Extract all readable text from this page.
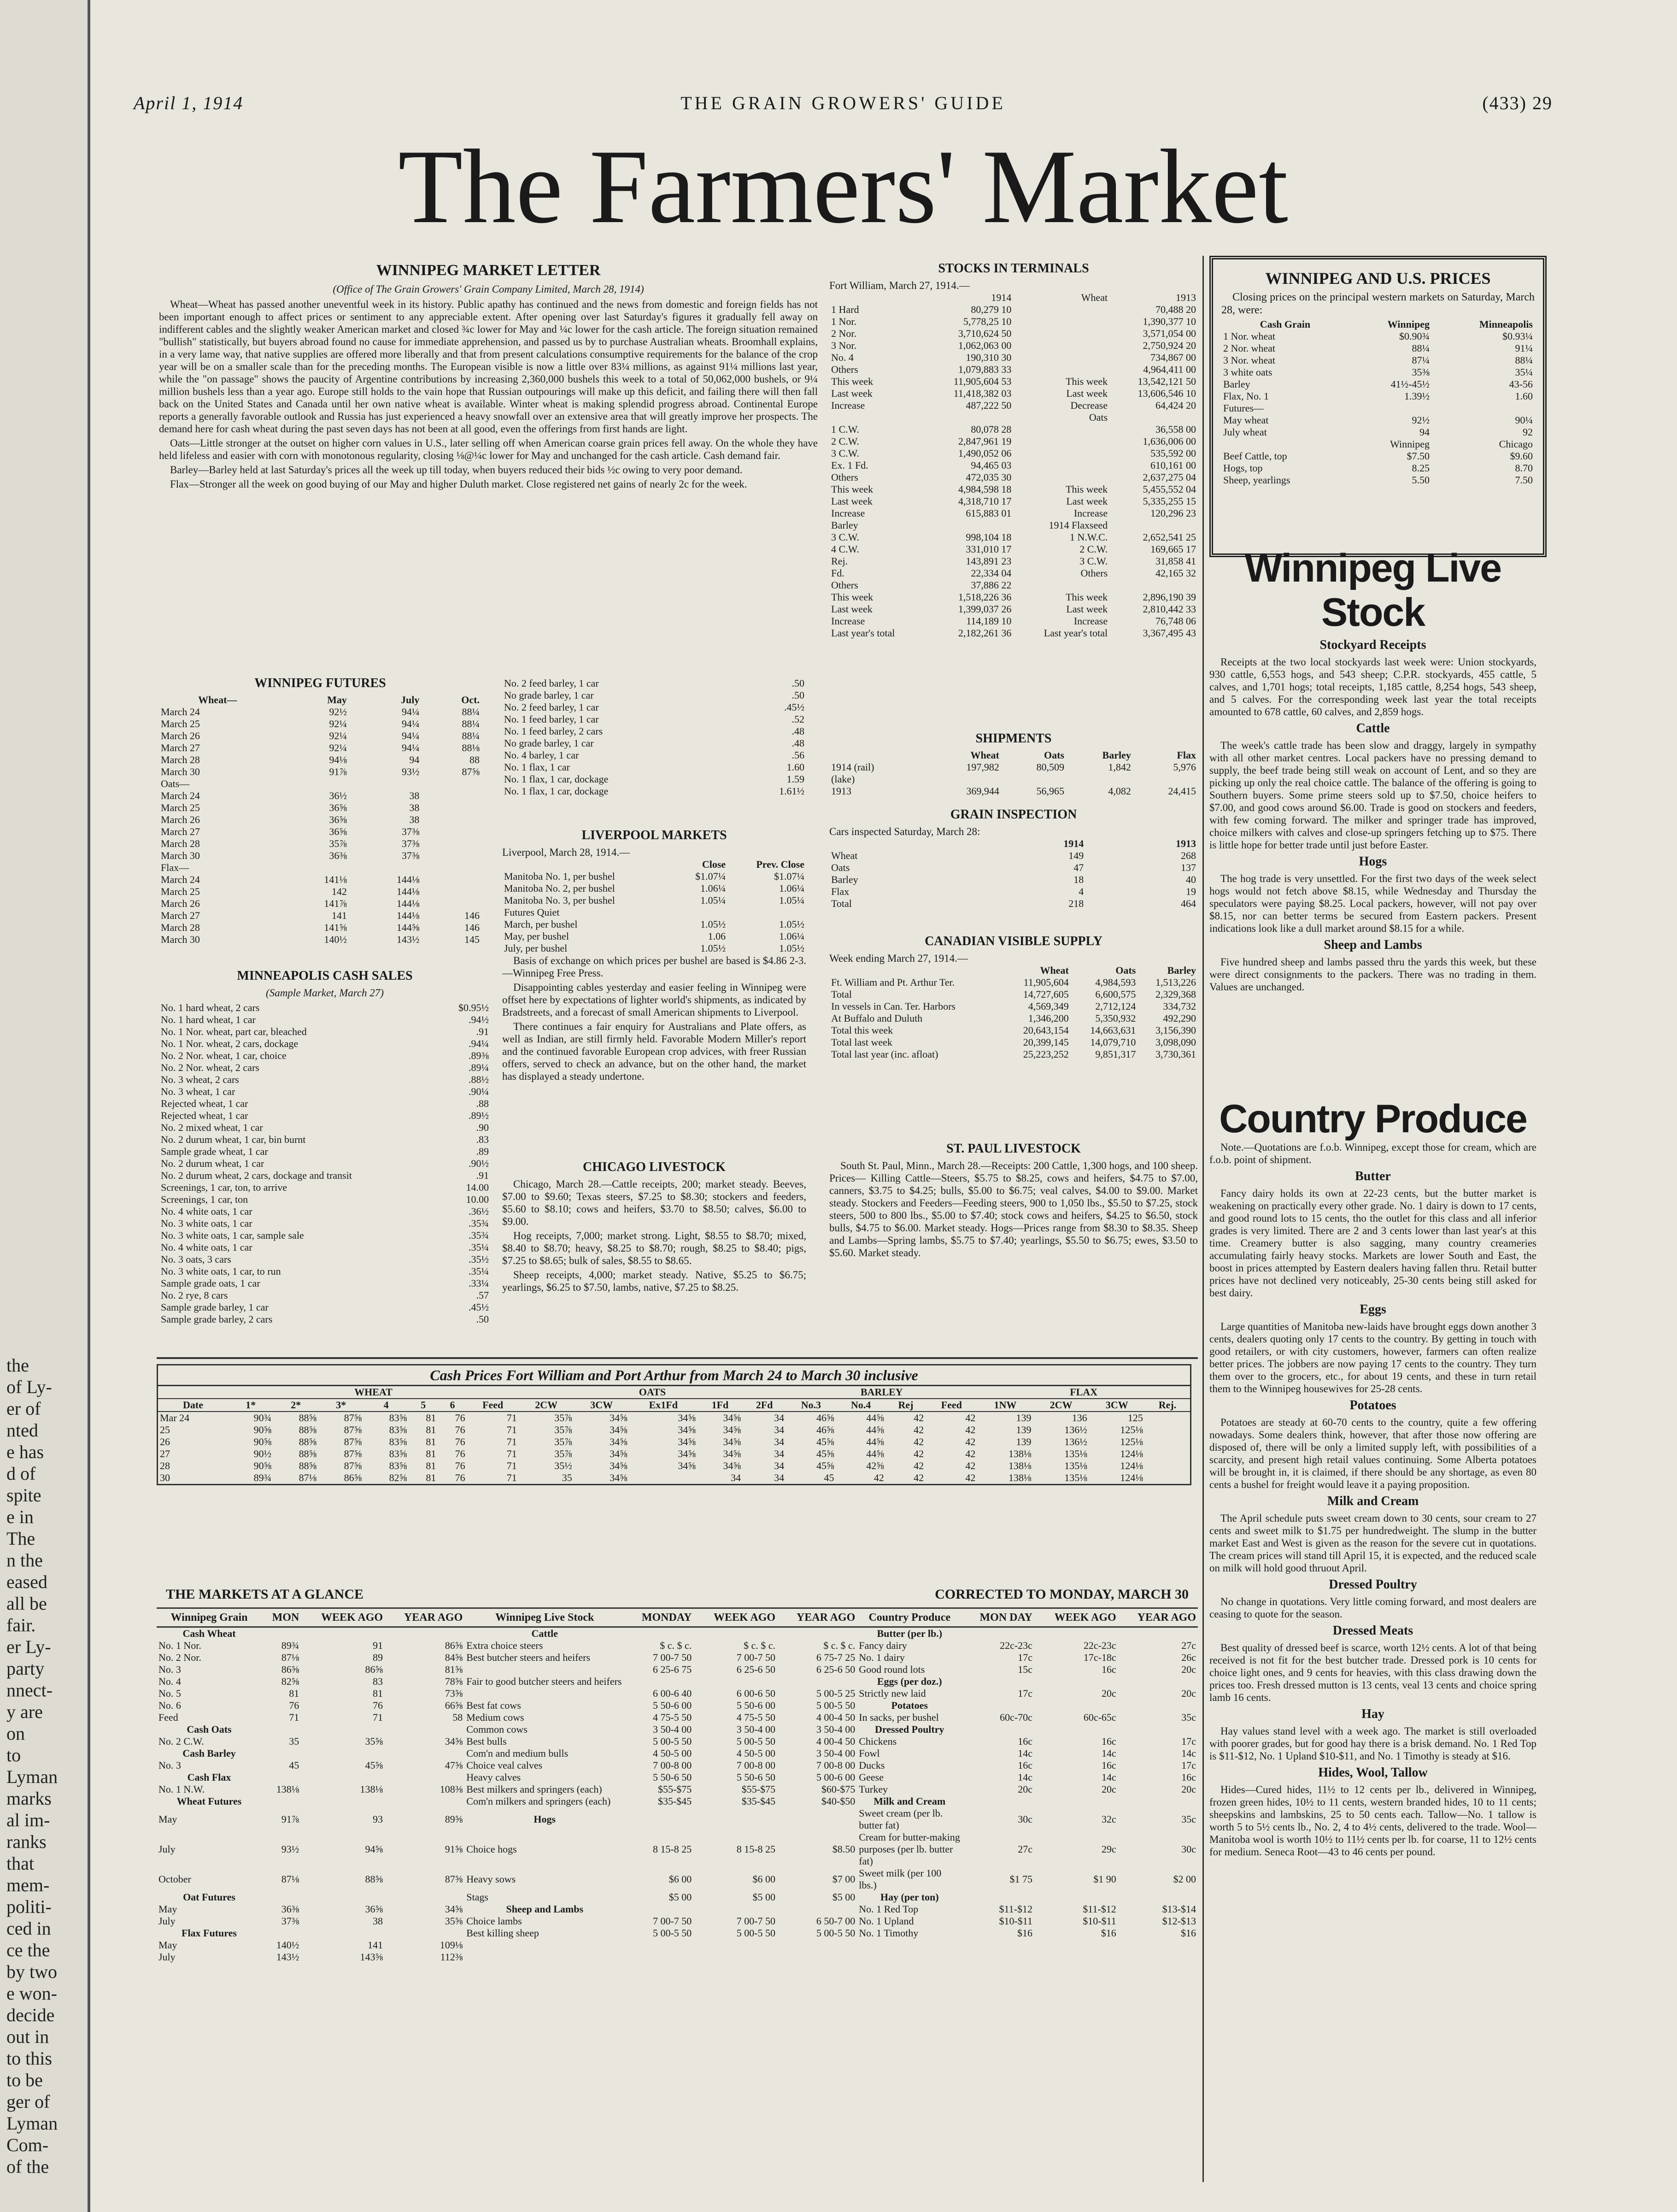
the
of Ly-
er of
nted
e has
d of
spite
e in
The
n the
eased
all be
fair.
er Ly-
party
nnect-
y are
on
to
Lyman
marks
al im-
ranks
that
mem-
politi-
ced in
ce the
by two
e won-
decide
out in
to this
to be
ger of
Lyman
Com-
of the
April 1, 1914	THE GRAIN GROWERS' GUIDE	(433) 29
The Farmers' Market
WINNIPEG MARKET LETTER
(Office of The Grain Growers' Grain Company Limited, March 28, 1914)

Wheat—Wheat has passed another uneventful week in its history. Public apathy has continued and the news from domestic and foreign fields has not been important enough to affect prices or sentiment to any appreciable extent. After opening over last Saturday's figures it gradually fell away on indifferent cables and the slightly weaker American market and closed ¾c lower for May and ¼c lower for the cash article. The foreign situation remained "bullish" statistically, but buyers abroad found no cause for immediate apprehension, and passed us by to purchase Australian wheats. Broomhall explains, in a very lame way, that native supplies are offered more liberally and that from present calculations consumptive requirements for the balance of the crop year will be on a smaller scale than for the preceding months. The European visible is now a little over 83¼ millions, as against 91¼ millions last year, while the "on passage" shows the paucity of Argentine contributions by increasing 2,360,000 bushels this week to a total of 50,062,000 bushels, or 9¼ million bushels less than a year ago. Europe still holds to the vain hope that Russian outpourings will make up this deficit, and failing there will then fall back on the United States and Canada until her own native wheat is available. Winter wheat is making splendid progress abroad. Continental Europe reports a generally favorable outlook and Russia has just experienced a heavy snowfall over an extensive area that will greatly improve her prospects. The demand here for cash wheat during the past seven days has not been at all good, even the offerings from first hands are light.

Oats—Little stronger at the outset on higher corn values in U.S., later selling off when American coarse grain prices fell away. On the whole they have held lifeless and easier with corn with monotonous regularity, closing ⅛@¼c lower for May and unchanged for the cash article. Cash demand fair.

Barley—Barley held at last Saturday's prices all the week up till today, when buyers reduced their bids ½c owing to very poor demand.

Flax—Stronger all the week on good buying of our May and higher Duluth market. Close registered net gains of nearly 2c for the week.

WINNIPEG FUTURES
Wheat—	May	July	Oct.
March 24	92½	94¼	88¼
March 25	92¼	94¼	88¼
March 26	92¼	94¼	88¼
March 27	92¼	94¼	88⅛
March 28	94⅛	94	88
March 30	91⅞	93½	87⅝
Oats—			
March 24	36½	38	
March 25	36⅝	38	
March 26	36⅝	38	
March 27	36⅝	37⅜	
March 28	35⅞	37⅜	
March 30	36⅜	37⅜	
Flax—			
March 24	141⅛	144⅛	
March 25	142	144⅛	
March 26	141⅞	144⅛	
March 27	141	144⅛	146
March 28	141⅝	144⅝	146
March 30	140½	143½	145
No. 2 feed barley, 1 car	.50
No grade barley, 1 car	.50
No. 2 feed barley, 1 car	.45½
No. 1 feed barley, 1 car	.52
No. 1 feed barley, 2 cars	.48
No grade barley, 1 car	.48
No. 4 barley, 1 car	.56
No. 1 flax, 1 car	1.60
No. 1 flax, 1 car, dockage	1.59
No. 1 flax, 1 car, dockage	1.61½
MINNEAPOLIS CASH SALES
(Sample Market, March 27)
No. 1 hard wheat, 2 cars	$0.95½
No. 1 hard wheat, 1 car	.94½
No. 1 Nor. wheat, part car, bleached	.91
No. 1 Nor. wheat, 2 cars, dockage	.94¼
No. 2 Nor. wheat, 1 car, choice	.89⅜
No. 2 Nor. wheat, 2 cars	.89¼
No. 3 wheat, 2 cars	.88½
No. 3 wheat, 1 car	.90¼
Rejected wheat, 1 car	.88
Rejected wheat, 1 car	.89½
No. 2 mixed wheat, 1 car	.90
No. 2 durum wheat, 1 car, bin burnt	.83
Sample grade wheat, 1 car	.89
No. 2 durum wheat, 1 car	.90½
No. 2 durum wheat, 2 cars, dockage and transit	.91
Screenings, 1 car, ton, to arrive	14.00
Screenings, 1 car, ton	10.00
No. 4 white oats, 1 car	.36½
No. 3 white oats, 1 car	.35¾
No. 3 white oats, 1 car, sample sale	.35¾
No. 4 white oats, 1 car	.35¼
No. 3 oats, 3 cars	.35½
No. 3 white oats, 1 car, to run	.35¼
Sample grade oats, 1 car	.33¼
No. 2 rye, 8 cars	.57
Sample grade barley, 1 car	.45½
Sample grade barley, 2 cars	.50
LIVERPOOL MARKETS
Liverpool, March 28, 1914.—
	Close	Prev. Close
Manitoba No. 1, per bushel	$1.07¼	$1.07¼
Manitoba No. 2, per bushel	1.06¼	1.06¼
Manitoba No. 3, per bushel	1.05¼	1.05¼
Futures Quiet		
March, per bushel	1.05½	1.05½
May, per bushel	1.06	1.06¼
July, per bushel	1.05½	1.05½

Basis of exchange on which prices per bushel are based is $4.86 2-3.—Winnipeg Free Press.

Disappointing cables yesterday and easier feeling in Winnipeg were offset here by expectations of lighter world's shipments, as indicated by Bradstreets, and a forecast of small American shipments to Liverpool.

There continues a fair enquiry for Australians and Plate offers, as well as Indian, are still firmly held. Favorable Modern Miller's report and the continued favorable European crop advices, with freer Russian offers, served to check an advance, but on the other hand, the market has displayed a steady undertone.

CHICAGO LIVESTOCK

Chicago, March 28.—Cattle receipts, 200; market steady. Beeves, $7.00 to $9.60; Texas steers, $7.25 to $8.30; stockers and feeders, $5.60 to $8.10; cows and heifers, $3.70 to $8.50; calves, $6.00 to $9.00.

Hog receipts, 7,000; market strong. Light, $8.55 to $8.70; mixed, $8.40 to $8.70; heavy, $8.25 to $8.70; rough, $8.25 to $8.40; pigs, $7.25 to $8.65; bulk of sales, $8.55 to $8.65.

Sheep receipts, 4,000; market steady. Native, $5.25 to $6.75; yearlings, $6.25 to $7.50, lambs, native, $7.25 to $8.25.

STOCKS IN TERMINALS
Fort William, March 27, 1914.—
	1914	Wheat	1913
1 Hard	80,279 10		70,488 20
1 Nor.	5,778,25 10		1,390,377 10
2 Nor.	3,710,624 50		3,571,054 00
3 Nor.	1,062,063 00		2,750,924 20
No. 4	190,310 30		734,867 00
Others	1,079,883 33		4,964,411 00
This week	11,905,604 53	This week	13,542,121 50
Last week	11,418,382 03	Last week	13,606,546 10
Increase	487,222 50	Decrease	64,424 20
		Oats	
1 C.W.	80,078 28		36,558 00
2 C.W.	2,847,961 19		1,636,006 00
3 C.W.	1,490,052 06		535,592 00
Ex. 1 Fd.	94,465 03		610,161 00
Others	472,035 30		2,637,275 04
This week	4,984,598 18	This week	5,455,552 04
Last week	4,318,710 17	Last week	5,335,255 15
Increase	615,883 01	Increase	120,296 23
Barley		1914 Flaxseed	
3 C.W.	998,104 18	1 N.W.C.	2,652,541 25
4 C.W.	331,010 17	2 C.W.	169,665 17
Rej.	143,891 23	3 C.W.	31,858 41
Fd.	22,334 04	Others	42,165 32
Others	37,886 22		
This week	1,518,226 36	This week	2,896,190 39
Last week	1,399,037 26	Last week	2,810,442 33
Increase	114,189 10	Increase	76,748 06
Last year's total	2,182,261 36	Last year's total	3,367,495 43
SHIPMENTS
	Wheat	Oats	Barley	Flax
1914 (rail)	197,982	80,509	1,842	5,976
(lake)				
1913	369,944	56,965	4,082	24,415
GRAIN INSPECTION
Cars inspected Saturday, March 28:
	1914	1913
Wheat	149	268
Oats	47	137
Barley	18	40
Flax	4	19
Total	218	464
CANADIAN VISIBLE SUPPLY
Week ending March 27, 1914.—
	Wheat	Oats	Barley
Ft. William and Pt. Arthur Ter.	11,905,604	4,984,593	1,513,226
Total	14,727,605	6,600,575	2,329,368
In vessels in Can. Ter. Harbors	4,569,349	2,712,124	334,732
At Buffalo and Duluth	1,346,200	5,350,932	492,290
Total this week	20,643,154	14,663,631	3,156,390
Total last week	20,399,145	14,079,710	3,098,090
Total last year (inc. afloat)	25,223,252	9,851,317	3,730,361
ST. PAUL LIVESTOCK

South St. Paul, Minn., March 28.—Receipts: 200 Cattle, 1,300 hogs, and 100 sheep. Prices— Killing Cattle—Steers, $5.75 to $8.25, cows and heifers, $4.75 to $7.00, canners, $3.75 to $4.25; bulls, $5.00 to $6.75; veal calves, $4.00 to $9.00. Market steady. Stockers and Feeders—Feeding steers, 900 to 1,050 lbs., $5.50 to $7.25, stock steers, 500 to 800 lbs., $5.00 to $7.40; stock cows and heifers, $4.25 to $6.50, stock bulls, $4.75 to $6.00. Market steady. Hogs—Prices range from $8.30 to $8.35. Sheep and Lambs—Spring lambs, $5.75 to $7.40; yearlings, $5.50 to $6.75; ewes, $3.50 to $5.60. Market steady.

WINNIPEG AND U.S. PRICES

Closing prices on the principal western markets on Saturday, March 28, were:

Cash Grain	Winnipeg	Minneapolis
1 Nor. wheat	$0.90¾	$0.93¼
2 Nor. wheat	88¼	91¼
3 Nor. wheat	87¼	88¼
3 white oats	35⅜	35¼
Barley	41½-45½	43-56
Flax, No. 1	1.39½	1.60
Futures—		
May wheat	92½	90¼
July wheat	94	92
	Winnipeg	Chicago
Beef Cattle, top	$7.50	$9.60
Hogs, top	8.25	8.70
Sheep, yearlings	5.50	7.50
Winnipeg Live Stock
Stockyard Receipts

Receipts at the two local stockyards last week were: Union stockyards, 930 cattle, 6,553 hogs, and 543 sheep; C.P.R. stockyards, 455 cattle, 5 calves, and 1,701 hogs; total receipts, 1,185 cattle, 8,254 hogs, 543 sheep, and 5 calves. For the corresponding week last year the total receipts amounted to 678 cattle, 60 calves, and 2,859 hogs.

Cattle

The week's cattle trade has been slow and draggy, largely in sympathy with all other market centres. Local packers have no pressing demand to supply, the beef trade being still weak on account of Lent, and so they are picking up only the real choice cattle. The balance of the offering is going to Southern buyers. Some prime steers sold up to $7.50, choice heifers to $7.00, and good cows around $6.00. Trade is good on stockers and feeders, with few coming forward. The milker and springer trade has improved, choice milkers with calves and close-up springers fetching up to $75. There is little hope for better trade until just before Easter.

Hogs

The hog trade is very unsettled. For the first two days of the week select hogs would not fetch above $8.15, while Wednesday and Thursday the speculators were paying $8.25. Local packers, however, will not pay over $8.15, nor can better terms be secured from Eastern packers. Present indications look like a dull market around $8.15 for a while.

Sheep and Lambs

Five hundred sheep and lambs passed thru the yards this week, but these were direct consignments to the packers. There was no trading in them. Values are unchanged.

Country Produce

Note.—Quotations are f.o.b. Winnipeg, except those for cream, which are f.o.b. point of shipment.

Butter

Fancy dairy holds its own at 22-23 cents, but the butter market is weakening on practically every other grade. No. 1 dairy is down to 17 cents, and good round lots to 15 cents, tho the outlet for this class and all inferior grades is very limited. There are 2 and 3 cents lower than last year's at this time. Creamery butter is also sagging, many country creameries accumulating fairly heavy stocks. Markets are lower South and East, the boost in prices attempted by Eastern dealers having fallen thru. Retail butter prices have not declined very noticeably, 25-30 cents being still asked for best dairy.

Eggs

Large quantities of Manitoba new-laids have brought eggs down another 3 cents, dealers quoting only 17 cents to the country. By getting in touch with good retailers, or with city customers, however, farmers can often realize better prices. The jobbers are now paying 17 cents to the country. They turn them over to the grocers, etc., for about 19 cents, and these in turn retail them to the Winnipeg housewives for 25-28 cents.

Potatoes

Potatoes are steady at 60-70 cents to the country, quite a few offering nowadays. Some dealers think, however, that after those now offering are disposed of, there will be only a limited supply left, with possibilities of a scarcity, and present high retail values continuing. Some Alberta potatoes will be brought in, it is claimed, if there should be any shortage, as even 80 cents a bushel for freight would leave it a paying proposition.

Milk and Cream

The April schedule puts sweet cream down to 30 cents, sour cream to 27 cents and sweet milk to $1.75 per hundredweight. The slump in the butter market East and West is given as the reason for the severe cut in quotations. The cream prices will stand till April 15, it is expected, and the reduced scale on milk will hold good thruout April.

Dressed Poultry

No change in quotations. Very little coming forward, and most dealers are ceasing to quote for the season.

Dressed Meats

Best quality of dressed beef is scarce, worth 12½ cents. A lot of that being received is not fit for the best butcher trade. Dressed pork is 10 cents for choice light ones, and 9 cents for heavies, with this class drawing down the prices too. Fresh dressed mutton is 13 cents, veal 13 cents and choice spring lamb 16 cents.

Hay

Hay values stand level with a week ago. The market is still overloaded with poorer grades, but for good hay there is a brisk demand. No. 1 Red Top is $11-$12, No. 1 Upland $10-$11, and No. 1 Timothy is steady at $16.

Hides, Wool, Tallow

Hides—Cured hides, 11½ to 12 cents per lb., delivered in Winnipeg, frozen green hides, 10½ to 11 cents, western branded hides, 10 to 11 cents; sheepskins and lambskins, 25 to 50 cents each. Tallow—No. 1 tallow is worth 5 to 5½ cents lb., No. 2, 4 to 4½ cents, delivered to the trade. Wool—Manitoba wool is worth 10½ to 11½ cents per lb. for coarse, 11 to 12½ cents for medium. Seneca Root—43 to 46 cents per pound.

Cash Prices Fort William and Port Arthur from March 24 to March 30 inclusive
	WHEAT							OATS					BARLEY				FLAX			
Date	1*	2*	3*	4	5	6	Feed	2CW	3CW	Ex1Fd	1Fd	2Fd	No.3	No.4	Rej	Feed	1NW	2CW	3CW	Rej.
Mar 24	90¾	88⅝	87⅝	83⅝	81	76	71	35⅞	34⅝	34⅝	34⅝	34	46⅝	44⅝	42	42	139	136	125	
25	90⅝	88⅝	87⅝	83⅝	81	76	71	35⅞	34⅝	34⅝	34⅝	34	46⅝	44⅝	42	42	139	136½	125⅛	
26	90⅝	88⅝	87⅝	83⅝	81	76	71	35⅞	34⅝	34⅝	34⅝	34	45⅝	44⅝	42	42	139	136½	125⅛	
27	90½	88⅝	87⅝	83⅝	81	76	71	35⅞	34⅝	34⅝	34⅝	34	45⅝	44⅝	42	42	138⅛	135⅛	124⅛	
28	90⅝	88⅝	87⅝	83⅝	81	76	71	35½	34⅝	34⅝	34⅝	34	45⅝	42⅝	42	42	138⅛	135⅛	124⅛	
30	89¾	87⅛	86⅝	82⅝	81	76	71	35	34⅝		34	34	45	42	42	42	138⅛	135⅛	124⅛	
THE MARKETS AT A GLANCE	CORRECTED TO MONDAY, MARCH 30
Winnipeg Grain	MON	WEEK AGO	YEAR AGO	Winnipeg Live Stock	MONDAY	WEEK AGO	YEAR AGO	Country Produce	MON DAY	WEEK AGO	YEAR AGO
Cash Wheat				Cattle				Butter (per lb.)			
No. 1 Nor.	89¾	91	86⅝	Extra choice steers	$ c. $ c.	$ c. $ c.	$ c. $ c.	Fancy dairy	22c-23c	22c-23c	27c
No. 2 Nor.	87⅛	89	84⅝	Best butcher steers and heifers	7 00-7 50	7 00-7 50	6 75-7 25	No. 1 dairy	17c	17c-18c	26c
No. 3	86⅝	86⅝	81⅝		6 25-6 75	6 25-6 50	6 25-6 50	Good round lots	15c	16c	20c
No. 4	82⅝	83	78⅝	Fair to good butcher steers and heifers				Eggs (per doz.)			
No. 5	81	81	73⅝		6 00-6 40	6 00-6 50	5 00-5 25	Strictly new laid	17c	20c	20c
No. 6	76	76	66⅝	Best fat cows	5 50-6 00	5 50-6 00	5 00-5 50	Potatoes			
Feed	71	71	58	Medium cows	4 75-5 50	4 75-5 50	4 00-4 50	In sacks, per bushel	60c-70c	60c-65c	35c
Cash Oats				Common cows	3 50-4 00	3 50-4 00	3 50-4 00	Dressed Poultry			
No. 2 C.W.	35	35⅝	34⅝	Best bulls	5 00-5 50	5 00-5 50	4 00-4 50	Chickens	16c	16c	17c
Cash Barley				Com'n and medium bulls	4 50-5 00	4 50-5 00	3 50-4 00	Fowl	14c	14c	14c
No. 3	45	45⅝	47⅝	Choice veal calves	7 00-8 00	7 00-8 00	7 00-8 00	Ducks	16c	16c	17c
Cash Flax				Heavy calves	5 50-6 50	5 50-6 50	5 00-6 00	Geese	14c	14c	16c
No. 1 N.W.	138⅛	138⅛	108⅜	Best milkers and springers (each)	$55-$75	$55-$75	$60-$75	Turkey	20c	20c	20c
Wheat Futures				Com'n milkers and springers (each)	$35-$45	$35-$45	$40-$50	Milk and Cream			
May	91⅞	93	89⅝	Hogs				Sweet cream (per lb. butter fat)	30c	32c	35c
July	93½	94⅝	91⅝	Choice hogs	8 15-8 25	8 15-8 25	$8.50	Cream for butter-making purposes (per lb. butter fat)	27c	29c	30c
October	87⅛	88⅝	87⅝	Heavy sows	$6 00	$6 00	$7 00	Sweet milk (per 100 lbs.)	$1 75	$1 90	$2 00
Oat Futures				Stags	$5 00	$5 00	$5 00	Hay (per ton)			
May	36⅜	36⅝	34⅝	Sheep and Lambs				No. 1 Red Top	$11-$12	$11-$12	$13-$14
July	37⅜	38	35⅝	Choice lambs	7 00-7 50	7 00-7 50	6 50-7 00	No. 1 Upland	$10-$11	$10-$11	$12-$13
Flax Futures				Best killing sheep	5 00-5 50	5 00-5 50	5 00-5 50	No. 1 Timothy	$16	$16	$16
May	140½	141	109⅛								
July	143½	143⅝	112⅜								
